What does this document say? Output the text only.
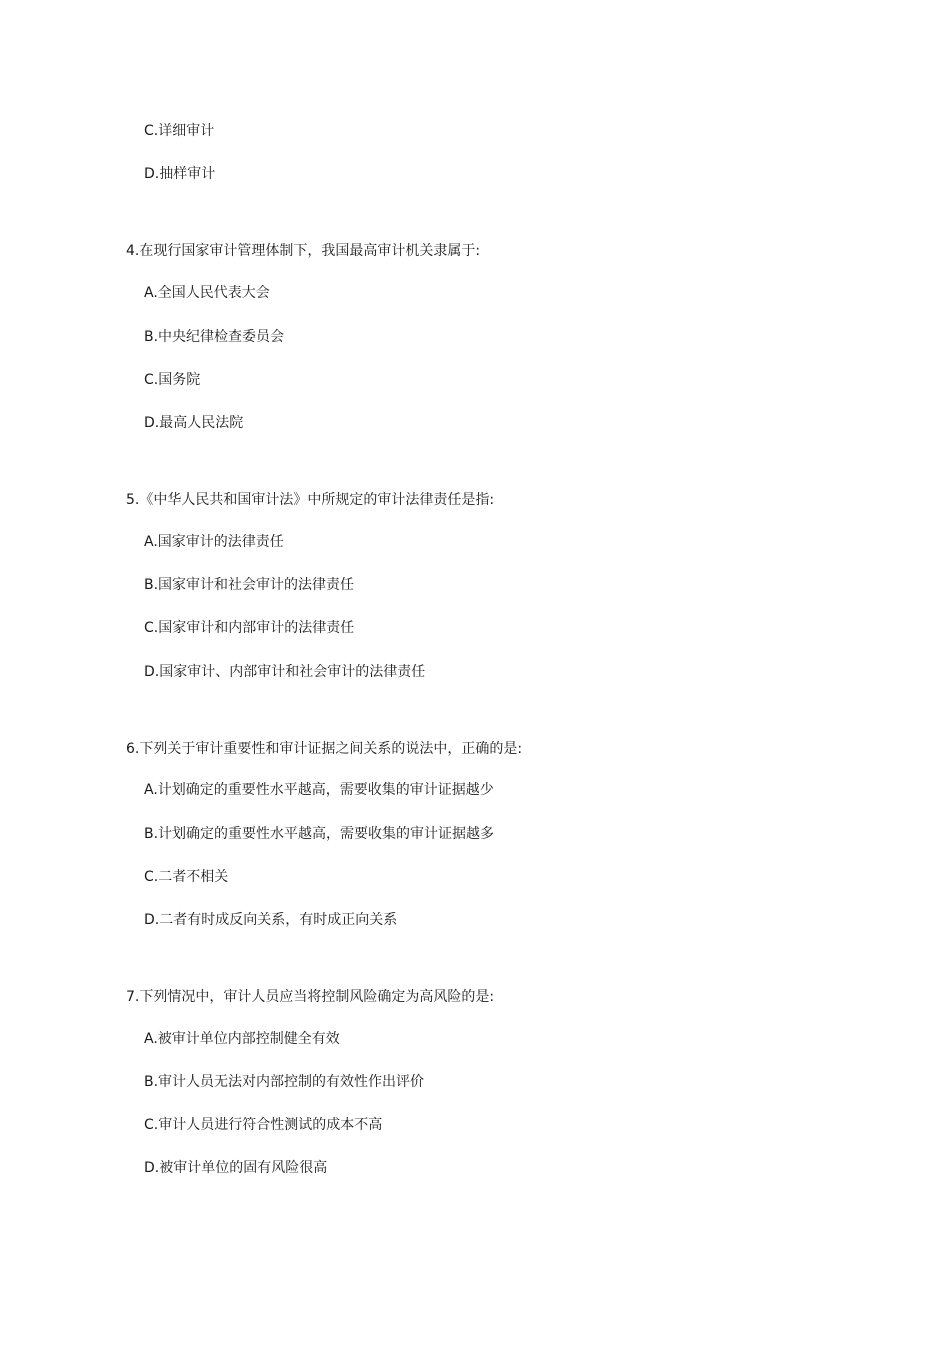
C.详细审计
D.抽样审计
4.在现行国家审计管理体制下，我国最高审计机关隶属于:
A.全国人民代表大会
B.中央纪律检查委员会
C.国务院
D.最高人民法院
5.《中华人民共和国审计法》中所规定的审计法律责任是指:
A.国家审计的法律责任
B.国家审计和社会审计的法律责任
C.国家审计和内部审计的法律责任
D.国家审计、内部审计和社会审计的法律责任
6.下列关于审计重要性和审计证据之间关系的说法中，正确的是:
A.计划确定的重要性水平越高，需要收集的审计证据越少
B.计划确定的重要性水平越高，需要收集的审计证据越多
C.二者不相关
D.二者有时成反向关系，有时成正向关系
7.下列情况中，审计人员应当将控制风险确定为高风险的是:
A.被审计单位内部控制健全有效
B.审计人员无法对内部控制的有效性作出评价
C.审计人员进行符合性测试的成本不高
D.被审计单位的固有风险很高
